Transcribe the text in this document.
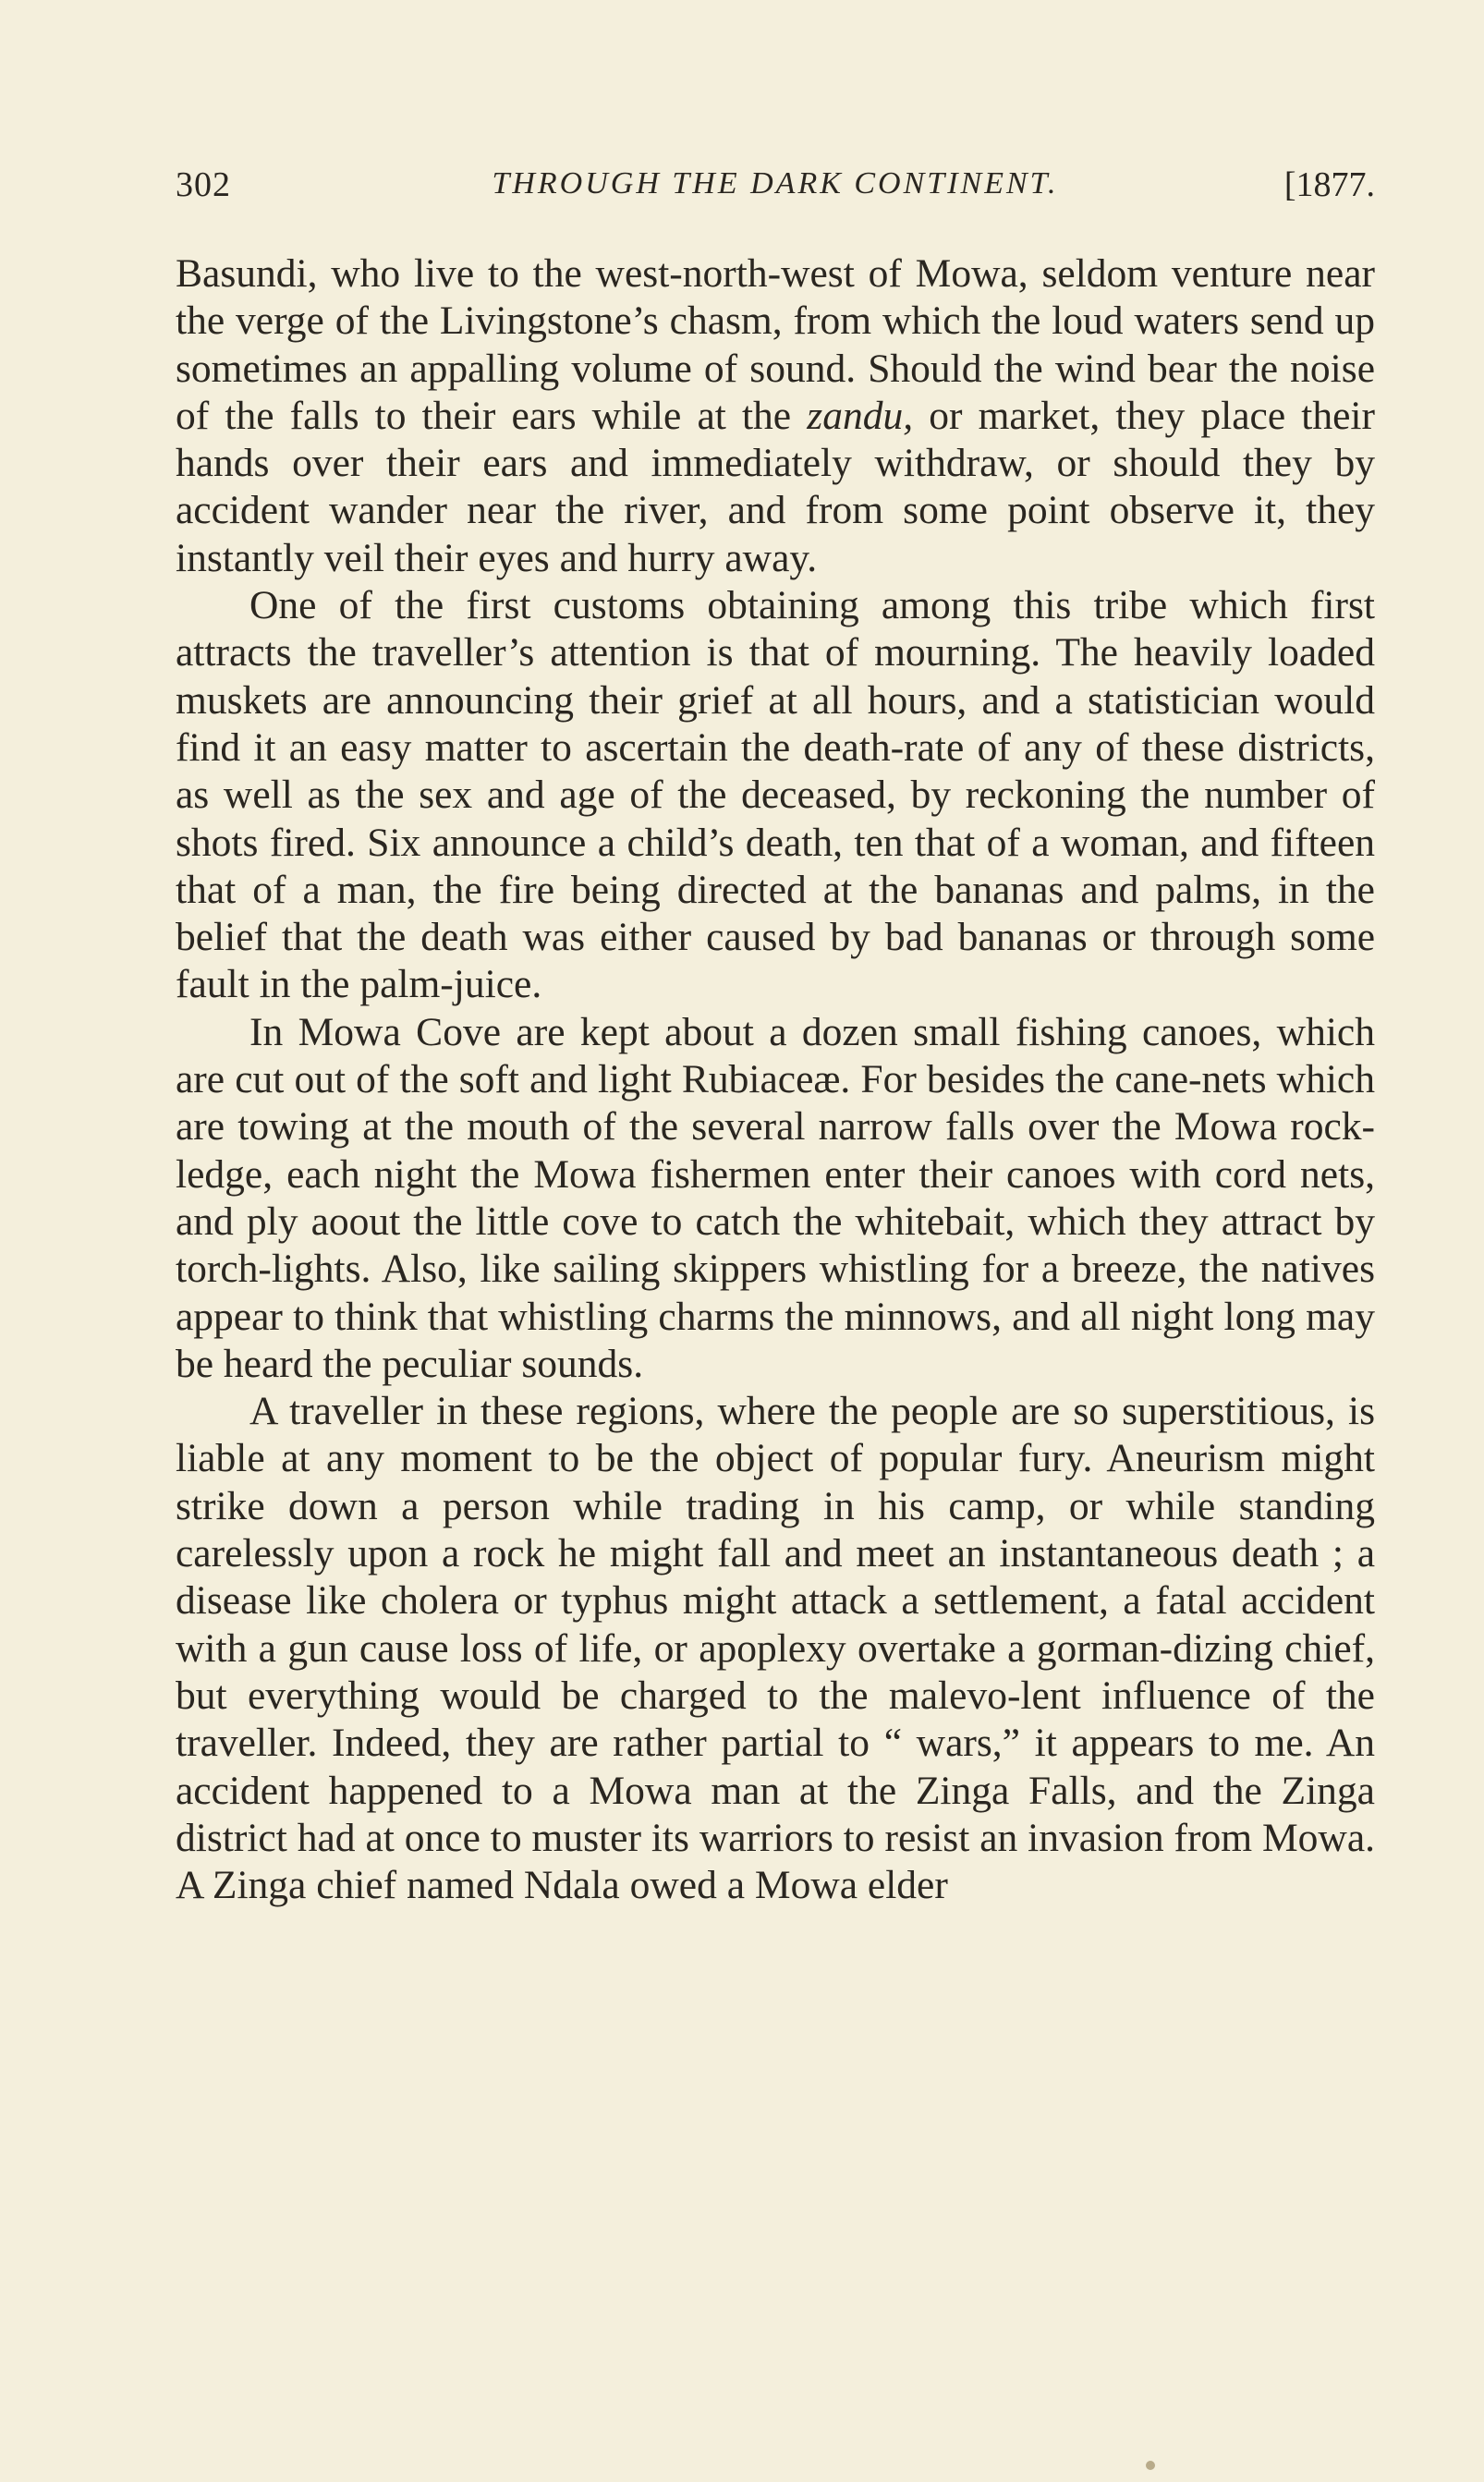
302	THROUGH THE DARK CONTINENT.	[1877.

Basundi, who live to the west-north-west of Mowa, seldom venture near the verge of the Livingstone’s chasm, from which the loud waters send up sometimes an appalling volume of sound. Should the wind bear the noise of the falls to their ears while at the zandu, or market, they place their hands over their ears and immediately withdraw, or should they by accident wander near the river, and from some point observe it, they instantly veil their eyes and hurry away.

One of the first customs obtaining among this tribe which first attracts the traveller’s attention is that of mourning. The heavily loaded muskets are announcing their grief at all hours, and a statistician would find it an easy matter to ascertain the death-rate of any of these districts, as well as the sex and age of the deceased, by reckoning the number of shots fired. Six announce a child’s death, ten that of a woman, and fifteen that of a man, the fire being directed at the bananas and palms, in the belief that the death was either caused by bad bananas or through some fault in the palm-juice.

In Mowa Cove are kept about a dozen small fishing canoes, which are cut out of the soft and light Rubiaceæ. For besides the cane-nets which are towing at the mouth of the several narrow falls over the Mowa rock-ledge, each night the Mowa fishermen enter their canoes with cord nets, and ply aoout the little cove to catch the whitebait, which they attract by torch-lights. Also, like sailing skippers whistling for a breeze, the natives appear to think that whistling charms the minnows, and all night long may be heard the peculiar sounds.

A traveller in these regions, where the people are so superstitious, is liable at any moment to be the object of popular fury. Aneurism might strike down a person while trading in his camp, or while standing carelessly upon a rock he might fall and meet an instantaneous death ; a disease like cholera or typhus might attack a settlement, a fatal accident with a gun cause loss of life, or apoplexy overtake a gorman-dizing chief, but everything would be charged to the malevo-lent influence of the traveller. Indeed, they are rather partial to “ wars,” it appears to me. An accident happened to a Mowa man at the Zinga Falls, and the Zinga district had at once to muster its warriors to resist an invasion from Mowa. A Zinga chief named Ndala owed a Mowa elder
